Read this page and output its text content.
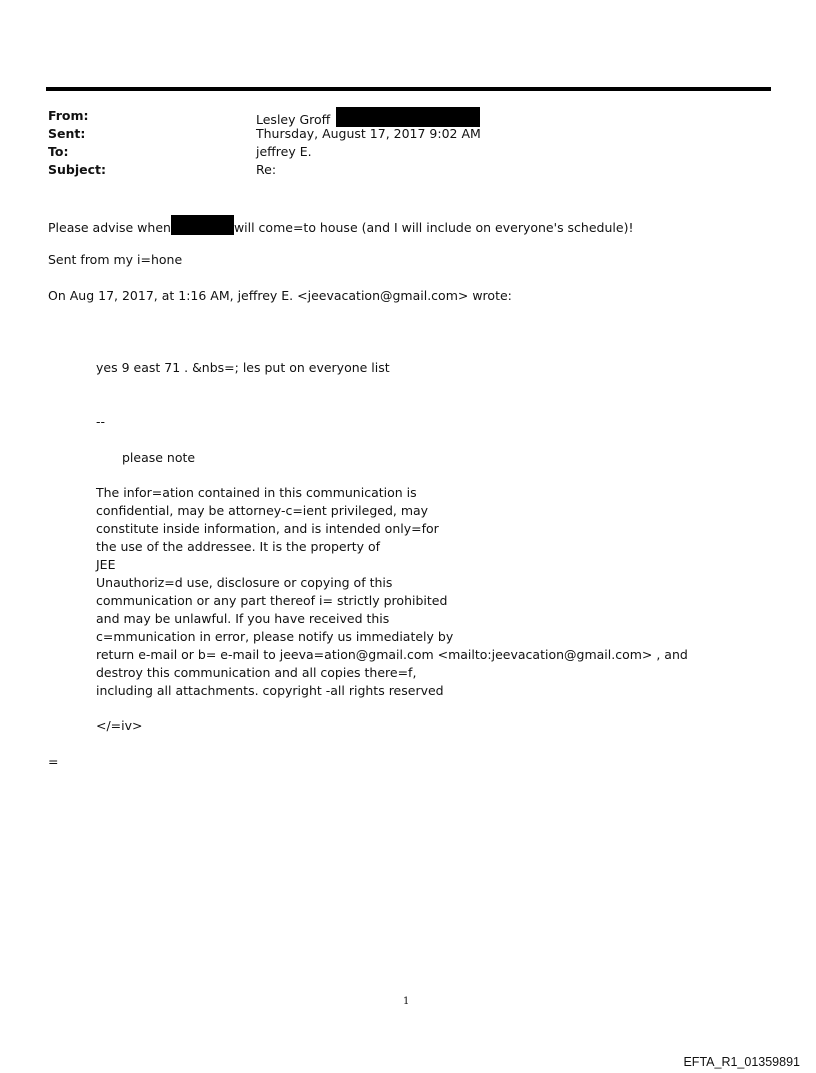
From:	Lesley Groff
Sent:	Thursday, August 17, 2017 9:02 AM
To:	jeffrey E.
Subject:	Re:
Please advise when	will come=to house (and I will include on everyone's schedule)!
Sent from my i=hone
On Aug 17, 2017, at 1:16 AM, jeffrey E. <jeevacation@gmail.com> wrote:
yes 9 east 71 . &nbs=; les put on everyone list
--
please note
The infor=ation contained in this communication is
confidential, may be attorney-c=ient privileged, may
constitute inside information, and is intended only=for
the use of the addressee. It is the property of
JEE
Unauthoriz=d use, disclosure or copying of this
communication or any part thereof i= strictly prohibited
and may be unlawful. If you have received this
c=mmunication in error, please notify us immediately by
return e-mail or b= e-mail to jeeva=ation@gmail.com <mailto:jeevacation@gmail.com> , and
destroy this communication and all copies there=f,
including all attachments. copyright -all rights reserved
</=iv>
=
1
EFTA_R1_01359891
